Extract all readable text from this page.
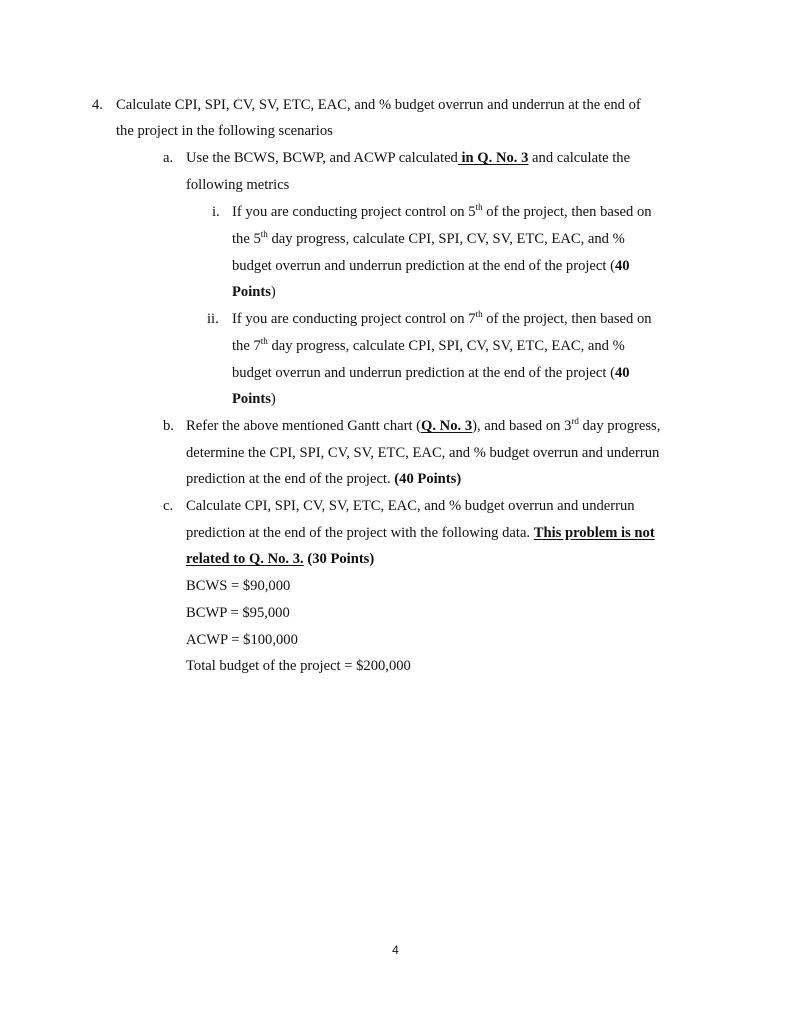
4. Calculate CPI, SPI, CV, SV, ETC, EAC, and % budget overrun and underrun at the end of
the project in the following scenarios
a. Use the BCWS, BCWP, and ACWP calculated in Q. No. 3 and calculate the
following metrics
i. If you are conducting project control on 5th of the project, then based on
the 5th day progress, calculate CPI, SPI, CV, SV, ETC, EAC, and %
budget overrun and underrun prediction at the end of the project (40
Points)
ii. If you are conducting project control on 7th of the project, then based on
the 7th day progress, calculate CPI, SPI, CV, SV, ETC, EAC, and %
budget overrun and underrun prediction at the end of the project (40
Points)
b. Refer the above mentioned Gantt chart (Q. No. 3), and based on 3rd day progress,
determine the CPI, SPI, CV, SV, ETC, EAC, and % budget overrun and underrun
prediction at the end of the project. (40 Points)
c. Calculate CPI, SPI, CV, SV, ETC, EAC, and % budget overrun and underrun
prediction at the end of the project with the following data. This problem is not
related to Q. No. 3. (30 Points)
BCWS = $90,000
BCWP = $95,000
ACWP = $100,000
Total budget of the project = $200,000
4
